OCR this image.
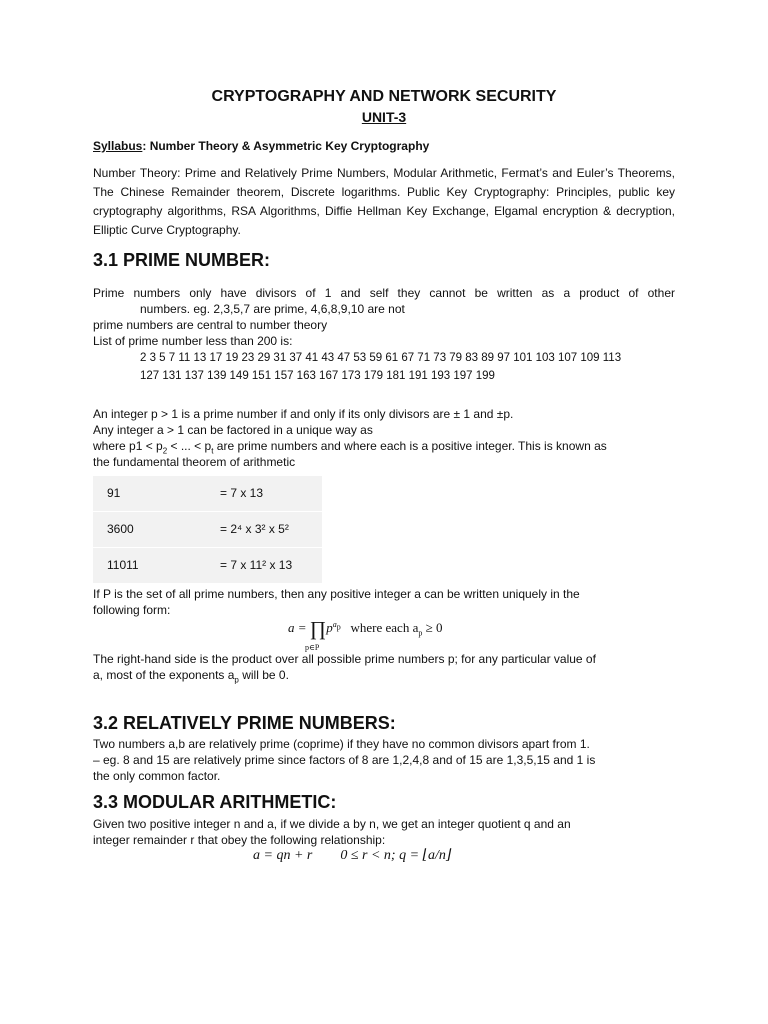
CRYPTOGRAPHY AND NETWORK SECURITY
UNIT-3
Syllabus: Number Theory & Asymmetric Key Cryptography
Number Theory: Prime and Relatively Prime Numbers, Modular Arithmetic, Fermat’s and Euler’s Theorems, The Chinese Remainder theorem, Discrete logarithms. Public Key Cryptography: Principles, public key cryptography algorithms, RSA Algorithms, Diffie Hellman Key Exchange, Elgamal encryption & decryption, Elliptic Curve Cryptography.
3.1 PRIME NUMBER:
Prime numbers only have divisors of 1 and self they cannot be written as a product of other
numbers. eg. 2,3,5,7 are prime, 4,6,8,9,10 are not
prime numbers are central to number theory
List of prime number less than 200 is:
2 3 5 7 11 13 17 19 23 29 31 37 41 43 47 53 59 61 67 71 73 79 83 89 97 101 103 107 109 113
127 131 137 139 149 151 157 163 167 173 179 181 191 193 197 199
An integer p > 1 is a prime number if and only if its only divisors are ± 1 and ±p.
Any integer a > 1 can be factored in a unique way as
where $p1 < p_2$ < ... < $p_t$ are prime numbers and where each is a positive integer. This is known as
the fundamental theorem of arithmetic
91	= 7 x 13
3600	= 2⁴ x 3² x 5²
11011	= 7 x 11² x 13
If P is the set of all prime numbers, then any positive integer a can be written uniquely in the
following form:
a = ∏
p∈P
$p^{a_p}$   where each $a_p \ge 0$
The right-hand side is the product over all possible prime numbers p; for any particular value of
a, most of the exponents $a_p$ will be 0.
3.2 RELATIVELY PRIME NUMBERS:
Two numbers a,b are relatively prime (coprime) if they have no common divisors apart from 1.
– eg. 8 and 15 are relatively prime since factors of 8 are 1,2,4,8 and of 15 are 1,3,5,15 and 1 is
the only common factor.
3.3 MODULAR ARITHMETIC:
Given two positive integer n and a, if we divide a by n, we get an integer quotient q and an
integer remainder r that obey the following relationship:
a = qn + r        0 ≤ r < n; q = ⌊a/n⌋
